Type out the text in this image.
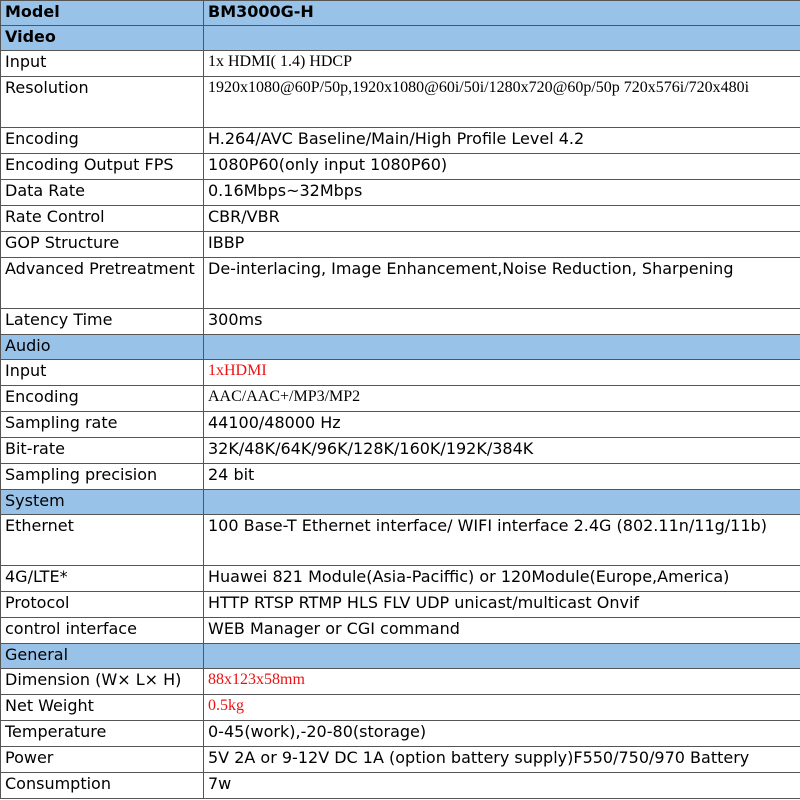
Model	BM3000G-H
Video	
Input	1x HDMI( 1.4) HDCP
Resolution	1920x1080@60P/50p,1920x1080@60i/50i/1280x720@60p/50p 720x576i/720x480i
Encoding	H.264/AVC Baseline/Main/High Profile Level 4.2
Encoding Output FPS	1080P60(only input 1080P60)
Data Rate	0.16Mbps~32Mbps
Rate Control	CBR/VBR
GOP Structure	IBBP
Advanced Pretreatment	De-interlacing, Image Enhancement,Noise Reduction, Sharpening
Latency Time	300ms
Audio	
Input	1xHDMI
Encoding	AAC/AAC+/MP3/MP2
Sampling rate	44100/48000 Hz
Bit-rate	32K/48K/64K/96K/128K/160K/192K/384K
Sampling precision	24 bit
System	
Ethernet	100 Base-T Ethernet interface/ WIFI interface 2.4G (802.11n/11g/11b)
4G/LTE*	Huawei 821 Module(Asia-Paciffic) or 120Module(Europe,America)
Protocol	HTTP RTSP RTMP HLS FLV UDP unicast/multicast Onvif
control interface	WEB Manager or CGI command
General	
Dimension (W× L× H)	88x123x58mm
Net Weight	0.5kg
Temperature	0-45(work),-20-80(storage)
Power	5V 2A or 9-12V DC 1A (option battery supply)F550/750/970 Battery
Consumption	7w
